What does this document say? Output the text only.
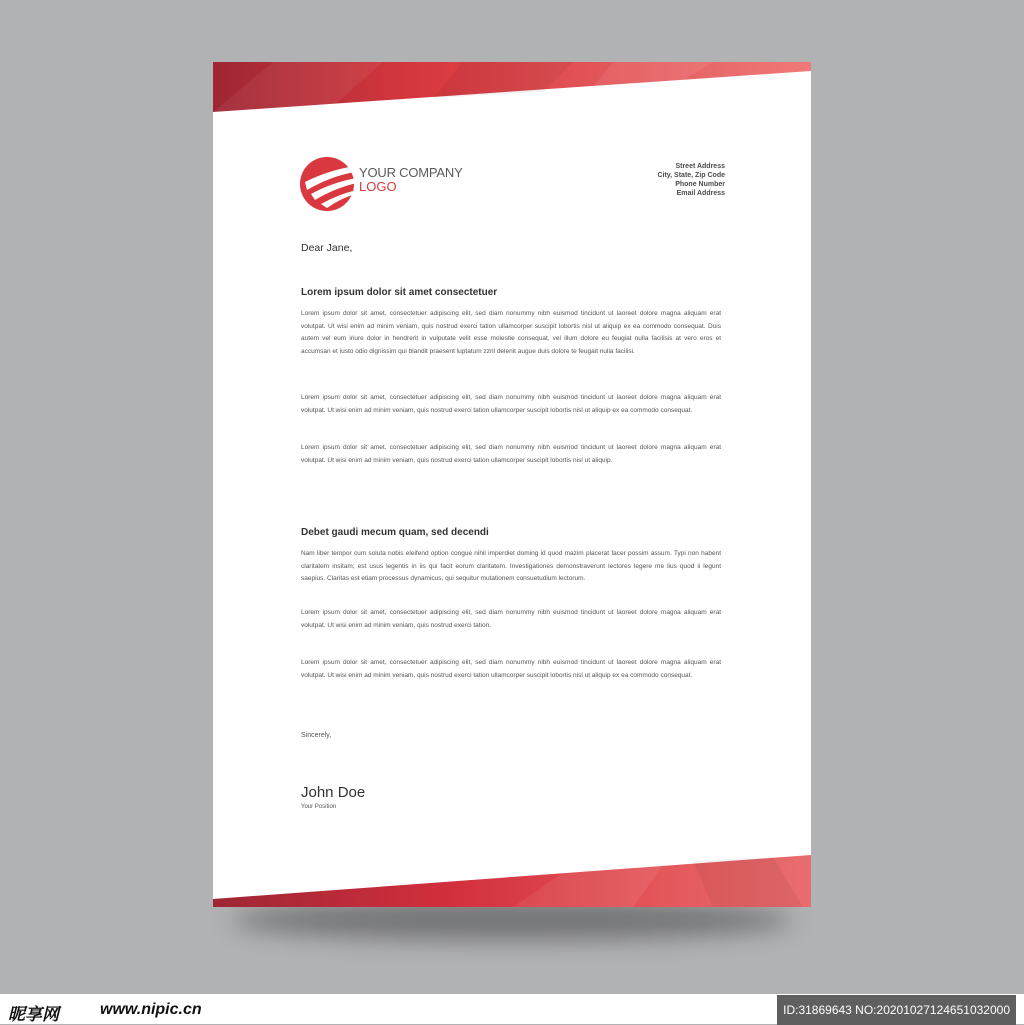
YOUR COMPANY
LOGO
Street Address
City, State, Zip Code
Phone Number
Email Address
Dear Jane,
Lorem ipsum dolor sit amet consectetuer

Lorem ipsum dolor sit amet, consectetuer adipiscing elit, sed diam nonummy nibh euismod tincidunt ut laoreet dolore magna aliquam erat volutpat. Ut wisi enim ad minim veniam, quis nostrud exerci tation ullamcorper suscipit lobortis nisl ut aliquip ex ea commodo consequat. Duis autem vel eum iriure dolor in hendrerit in vulputate velit esse molestie consequat, vel illum dolore eu feugiat nulla facilisis at vero eros et accumsan et iusto odio dignissim qui blandit praesent luptatum zzril delenit augue duis dolore te feugait nulla facilisi.

Lorem ipsum dolor sit amet, consectetuer adipiscing elit, sed diam nonummy nibh euismod tincidunt ut laoreet dolore magna aliquam erat volutpat. Ut wisi enim ad minim veniam, quis nostrud exerci tation ullamcorper suscipit lobortis nisl ut aliquip ex ea commodo consequat.

Lorem ipsum dolor sit amet, consectetuer adipiscing elit, sed diam nonummy nibh euismod tincidunt ut laoreet dolore magna aliquam erat volutpat. Ut wisi enim ad minim veniam, quis nostrud exerci tation ullamcorper suscipit lobortis nisl ut aliquip.

Debet gaudi mecum quam, sed decendi

Nam liber tempor cum soluta nobis eleifend option congue nihil imperdiet doming id quod mazim placerat facer possim assum. Typi non habent claritatem insitam; est usus legentis in iis qui facit eorum claritatem. Investigationes demonstraverunt lectores legere me lius quod ii legunt saepius. Claritas est etiam processus dynamicus, qui sequitur mutationem consuetudium lectorum.

Lorem ipsum dolor sit amet, consectetuer adipiscing elit, sed diam nonummy nibh euismod tincidunt ut laoreet dolore magna aliquam erat volutpat. Ut wisi enim ad minim veniam, quis nostrud exerci tation.

Lorem ipsum dolor sit amet, consectetuer adipiscing elit, sed diam nonummy nibh euismod tincidunt ut laoreet dolore magna aliquam erat volutpat. Ut wisi enim ad minim veniam, quis nostrud exerci tation ullamcorper suscipit lobortis nisl ut aliquip ex ea commodo consequat.

Sincerely,
John Doe
Your Position
昵享网	www.nipic.cn	ID:31869643 NO:20201027124651032000
